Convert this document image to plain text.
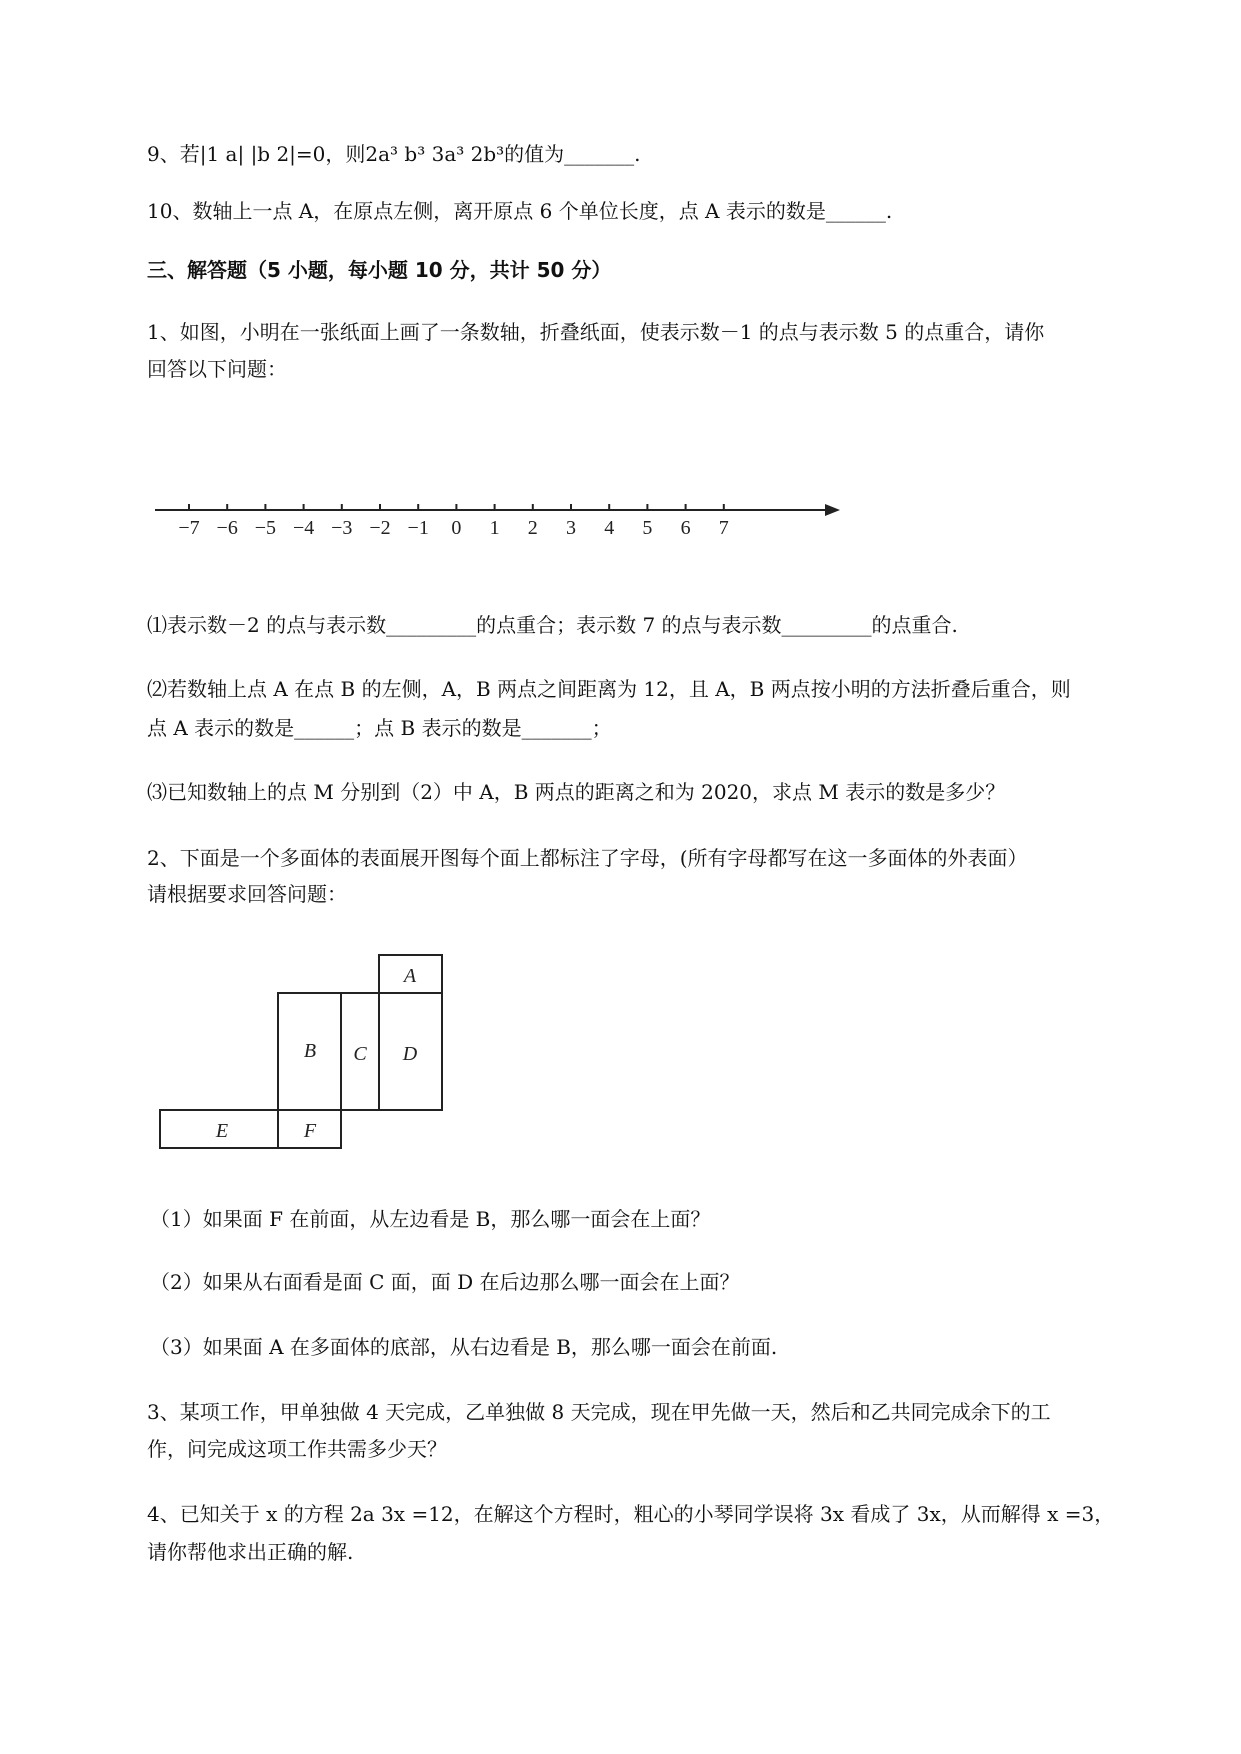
9、若|1 a| |b 2|=0，则2a³ b³ 3a³ 2b³的值为_______.
10、数轴上一点 A，在原点左侧，离开原点 6 个单位长度，点 A 表示的数是______.
三、解答题（5 小题，每小题 10 分，共计 50 分）
1、如图，小明在一张纸面上画了一条数轴，折叠纸面，使表示数－1 的点与表示数 5 的点重合，请你
回答以下问题：
−7 −6 −5 −4 −3 −2 −1 0 1 2 3 4 5 6 7
⑴表示数－2 的点与表示数_________的点重合；表示数 7 的点与表示数_________的点重合.
⑵若数轴上点 A 在点 B 的左侧，A，B 两点之间距离为 12，且 A，B 两点按小明的方法折叠后重合，则
点 A 表示的数是______；点 B 表示的数是_______；
⑶已知数轴上的点 M 分别到（2）中 A，B 两点的距离之和为 2020，求点 M 表示的数是多少？
2、下面是一个多面体的表面展开图每个面上都标注了字母，(所有字母都写在这一多面体的外表面）
请根据要求回答问题：
A
B C D
E	F
（1）如果面 F 在前面，从左边看是 B，那么哪一面会在上面？
（2）如果从右面看是面 C 面，面 D 在后边那么哪一面会在上面？
（3）如果面 A 在多面体的底部，从右边看是 B，那么哪一面会在前面.
3、某项工作，甲单独做 4 天完成，乙单独做 8 天完成，现在甲先做一天，然后和乙共同完成余下的工
作，问完成这项工作共需多少天？
4、已知关于 x 的方程 2a 3x =12，在解这个方程时，粗心的小琴同学误将 3x 看成了 3x，从而解得 x =3，
请你帮他求出正确的解.
